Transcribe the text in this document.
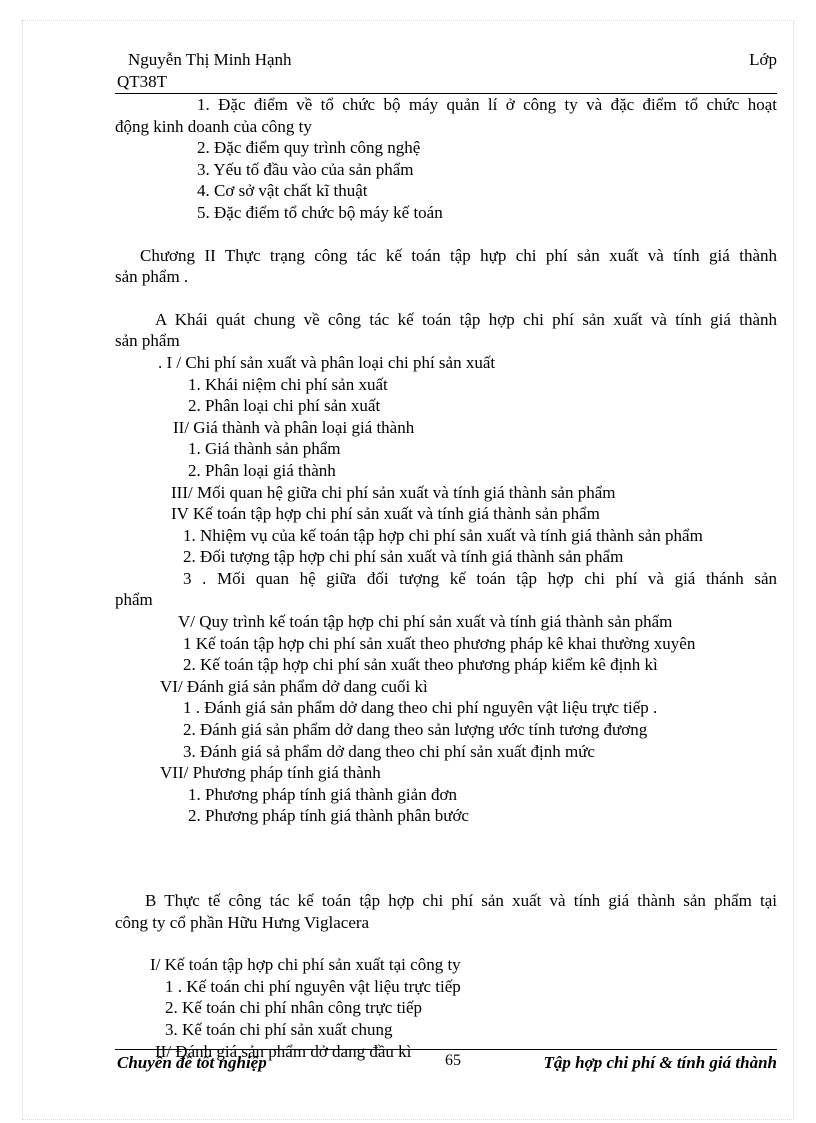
Nguyễn Thị Minh Hạnh	Lớp
QT38T
1. Đặc điểm về tổ chức bộ máy quản lí ở công ty và đặc điểm tổ chức hoạt
động kinh doanh của công ty
2. Đặc điểm quy trình công nghệ
3. Yếu tố đầu vào của sản phẩm
4. Cơ sở vật chất kĩ thuật
5. Đặc điểm tổ chức bộ máy kế toán
Chương II Thực trạng công tác kế toán tập hựp chi phí sản xuất và tính giá thành
sản phẩm .
A Khái quát chung về công tác kế toán tập hợp chi phí sản xuất và tính giá thành
sản phẩm
. I / Chi phí sản xuất và phân loại chi phí sản xuất
1. Khái niệm chi phí sản xuất
2. Phân loại chi phí sản xuất
II/ Giá thành và phân loại giá thành
1. Giá thành sản phẩm
2. Phân loại giá thành
III/ Mối quan hệ giữa chi phí sản xuất và tính giá thành sản phẩm
IV Kế toán tập hợp chi phí sản xuất và tính giá thành sản phẩm
1. Nhiệm vụ của kế toán tập hợp chi phí sản xuất và tính giá thành sản phẩm
2. Đối tượng tập hợp chi phí sản xuất và tính giá thành sản phẩm
3 . Mối quan hệ giữa đối tượng kế toán tập hợp chi phí và giá thánh sản
phẩm
V/ Quy trình kế toán tập hợp chi phí sản xuất và tính giá thành sản phẩm
1 Kế toán tập hợp chi phí sản xuất theo phương pháp kê khai thường xuyên
2. Kế toán tập hợp chi phí sản xuất theo phương pháp kiểm kê định kì
VI/ Đánh giá sản phẩm dở dang cuối kì
1 . Đánh giá sản phẩm dở dang theo chi phí nguyên vật liệu trực tiếp .
2. Đánh giá sản phẩm dở dang theo sản lượng ước tính tương đương
3. Đánh giá sả phẩm dở dang theo chi phí sản xuất định mức
VII/ Phương pháp tính giá thành
1. Phương pháp tính giá thành giản đơn
2. Phương pháp tính giá thành phân bước
B Thực tế công tác kế toán tập hợp chi phí sản xuất và tính giá thành sản phẩm tại
công ty cổ phần Hữu Hưng Viglacera
I/ Kế toán tập hợp chi phí sản xuất tại công ty
1 . Kế toán chi phí nguyên vật liệu trực tiếp
2. Kế toán chi phí nhân công trực tiếp
3. Kế toán chi phí sản xuất chung
II/ Đánh giá sản phẩm dở dang đầu kì
Chuyên đề tốt nghiệp	65	Tập hợp chi phí & tính giá thành
